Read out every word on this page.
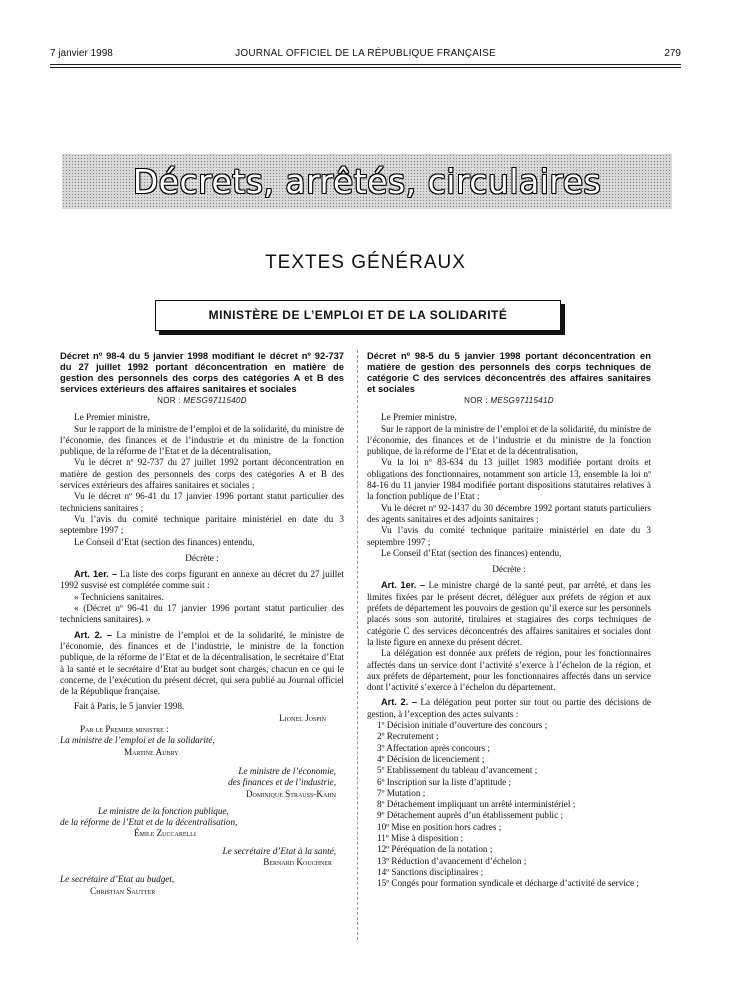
7 janvier 1998	JOURNAL OFFICIEL DE LA RÉPUBLIQUE FRANÇAISE	279
Décrets, arrêtés, circulaires
TEXTES GÉNÉRAUX
MINISTÈRE DE L’EMPLOI ET DE LA SOLIDARITÉ

Décret nº 98-4 du 5 janvier 1998 modifiant le décret nº 92-737 du 27 juillet 1992 portant déconcentration en matière de gestion des personnels des corps des catégories A et B des services extérieurs des affaires sanitaires et sociales

NOR : MESG9711540D

Le Premier ministre,

Sur le rapport de la ministre de l’emploi et de la solidarité, du ministre de l’économie, des finances et de l’industrie et du ministre de la fonction publique, de la réforme de l’Etat et de la décentralisation,

Vu le décret nº 92-737 du 27 juillet 1992 portant déconcentration en matière de gestion des personnels des corps des catégories A et B des services extérieurs des affaires sanitaires et sociales ;

Vu le décret nº 96-41 du 17 janvier 1996 portant statut particulier des techniciens sanitaires ;

Vu l’avis du comité technique paritaire ministériel en date du 3 septembre 1997 ;

Le Conseil d’Etat (section des finances) entendu,

Décrète :

Art. 1er. – La liste des corps figurant en annexe au décret du 27 juillet 1992 susvisé est complétée comme suit :

« Techniciens sanitaires.

« (Décret nº 96-41 du 17 janvier 1996 portant statut particulier des techniciens sanitaires). »

Art. 2. – La ministre de l’emploi et de la solidarité, le ministre de l’économie, des finances et de l’industrie, le ministre de la fonction publique, de la réforme de l’Etat et de la décentralisation, le secrétaire d’Etat à la santé et le secrétaire d’Etat au budget sont chargés, chacun en ce qui le concerne, de l’exécution du présent décret, qui sera publié au Journal officiel de la République française.

Fait à Paris, le 5 janvier 1998.

Lionel Jospin

Par le Premier ministre :

La ministre de l’emploi et de la solidarité,

Martine Aubry

Le ministre de l’économie,

des finances et de l’industrie,

Dominique Strauss-Kahn

Le ministre de la fonction publique,

de la réforme de l’Etat et de la décentralisation,

Émile Zuccarelli

Le secrétaire d’Etat à la santé,

Bernard Kouchner

Le secrétaire d’Etat au budget,

Christian Sautter

Décret nº 98-5 du 5 janvier 1998 portant déconcentration en matière de gestion des personnels des corps techniques de catégorie C des services déconcentrés des affaires sanitaires et sociales

NOR : MESG9711541D

Le Premier ministre,

Sur le rapport de la ministre de l’emploi et de la solidarité, du ministre de l’économie, des finances et de l’industrie et du ministre de la fonction publique, de la réforme de l’Etat et de la décentralisation,

Vu la loi nº 83-634 du 13 juillet 1983 modifiée portant droits et obligations des fonctionnaires, notamment son article 13, ensemble la loi nº 84-16 du 11 janvier 1984 modifiée portant dispositions statutaires relatives à la fonction publique de l’Etat ;

Vu le décret nº 92-1437 du 30 décembre 1992 portant statuts particuliers des agents sanitaires et des adjoints sanitaires ;

Vu l’avis du comité technique paritaire ministériel en date du 3 septembre 1997 ;

Le Conseil d’Etat (section des finances) entendu,

Décrète :

Art. 1er. – Le ministre chargé de la santé peut, par arrêté, et dans les limites fixées par le présent décret, déléguer aux préfets de région et aux préfets de département les pouvoirs de gestion qu’il exerce sur les personnels placés sous son autorité, titulaires et stagiaires des corps techniques de catégorie C des services déconcentrés des affaires sanitaires et sociales dont la liste figure en annexe du présent décret.

La délégation est donnée aux préfets de région, pour les fonctionnaires affectés dans un service dont l’activité s’exerce à l’échelon de la région, et aux préfets de département, pour les fonctionnaires affectés dans un service dont l’activité s’exerce à l’échelon du département.

Art. 2. – La délégation peut porter sur tout ou partie des décisions de gestion, à l’exception des actes suivants :

1º Décision initiale d’ouverture des concours ;

2º Recrutement ;

3º Affectation après concours ;

4º Décision de licenciement ;

5º Etablissement du tableau d’avancement ;

6º Inscription sur la liste d’aptitude ;

7º Mutation ;

8º Détachement impliquant un arrêté interministériel ;

9º Détachement auprès d’un établissement public ;

10º Mise en position hors cadres ;

11º Mise à disposition ;

12º Péréquation de la notation ;

13º Réduction d’avancement d’échelon ;

14º Sanctions disciplinaires ;

15º Congés pour formation syndicale et décharge d’activité de service ;
